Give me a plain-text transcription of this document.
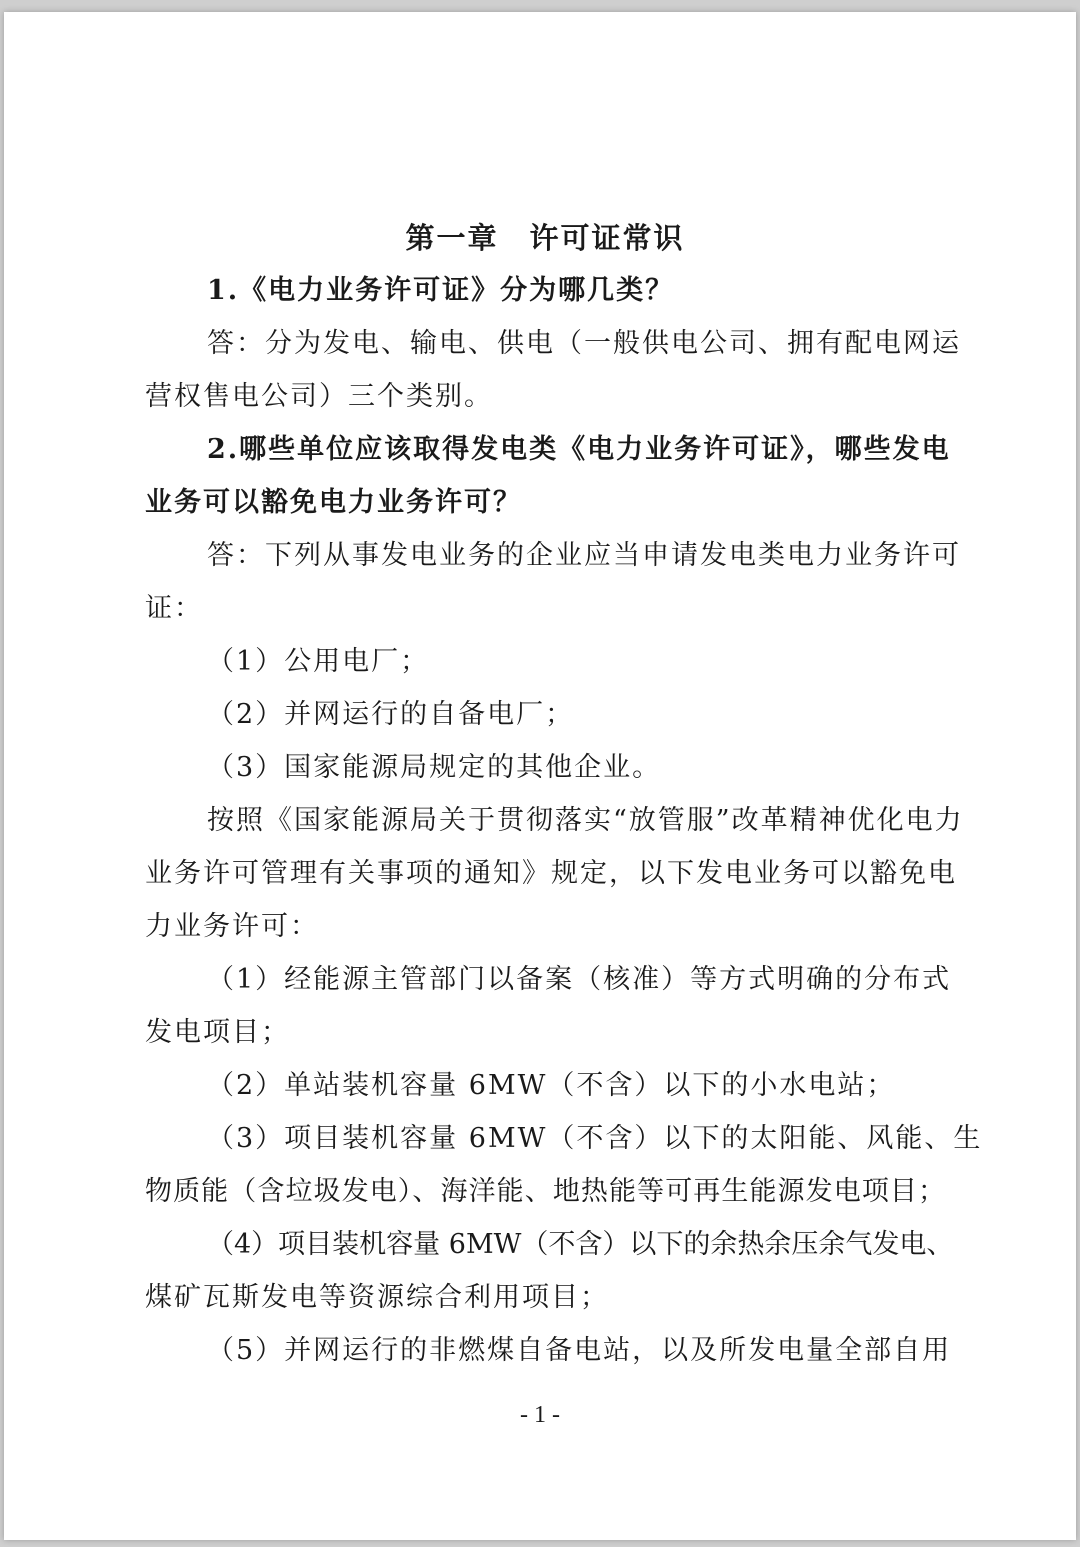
第一章　许可证常识
1.《电力业务许可证》分为哪几类？
答：分为发电、输电、供电（一般供电公司、拥有配电网运
营权售电公司）三个类别。
2.哪些单位应该取得发电类《电力业务许可证》，哪些发电
业务可以豁免电力业务许可？
答：下列从事发电业务的企业应当申请发电类电力业务许可
证：
（1）公用电厂；
（2）并网运行的自备电厂；
（3）国家能源局规定的其他企业。
按照《国家能源局关于贯彻落实“放管服”改革精神优化电力
业务许可管理有关事项的通知》规定，以下发电业务可以豁免电
力业务许可：
（1）经能源主管部门以备案（核准）等方式明确的分布式
发电项目；
（2）单站装机容量 6MW（不含）以下的小水电站；
（3）项目装机容量 6MW（不含）以下的太阳能、风能、生
物质能（含垃圾发电）、海洋能、地热能等可再生能源发电项目；
（4）项目装机容量 6MW（不含）以下的余热余压余气发电、
煤矿瓦斯发电等资源综合利用项目；
（5）并网运行的非燃煤自备电站，以及所发电量全部自用
- 1 -
